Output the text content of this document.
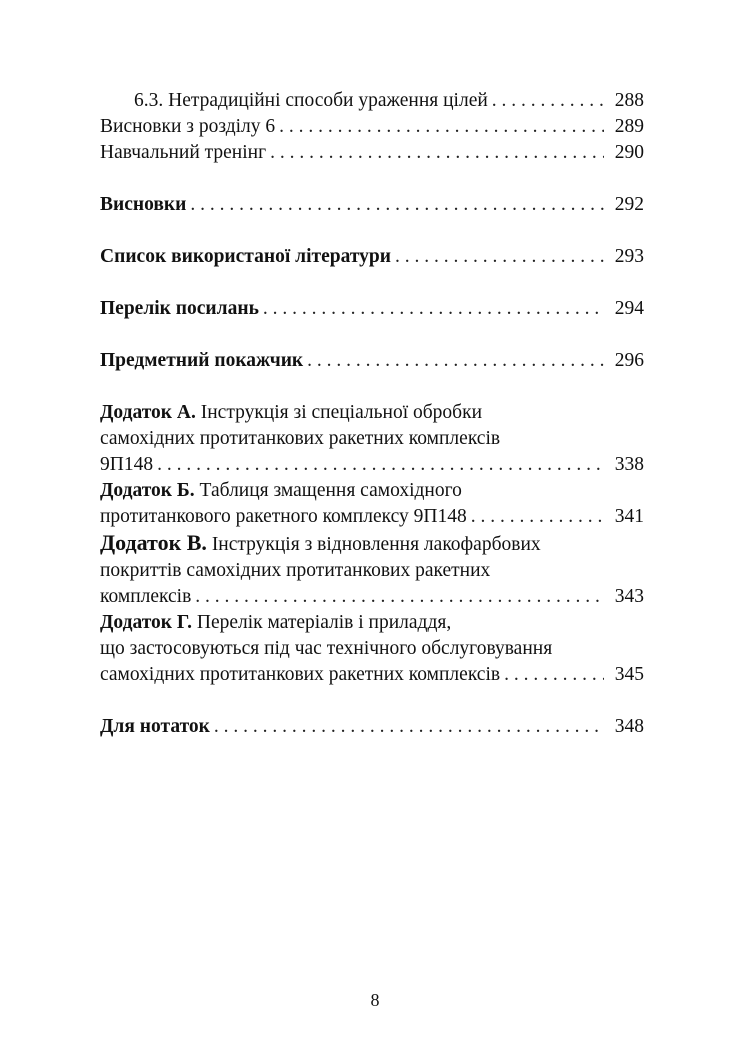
6.3. Нетрадиційні способи ураження цілей . . .	288
Висновки з розділу 6 . . .	289
Навчальний тренінг . . .	290
Висновки . . .	292
Список використаної літератури . . .	293
Перелік посилань . . .	294
Предметний покажчик . . .	296
Додаток А. Інструкція зі спеціальної обробки
самохідних протитанкових ракетних комплексів
9П148 . . .	338
Додаток Б. Таблиця змащення самохідного
протитанкового ракетного комплексу 9П148 . . .	341
Додаток В. Інструкція з відновлення лакофарбових
покриттів самохідних протитанкових ракетних
комплексів . . .	343
Додаток Г. Перелік матеріалів і приладдя,
що застосовуються під час технічного обслуговування
самохідних протитанкових ракетних комплексів . . .	345
Для нотаток . . .	348
8
